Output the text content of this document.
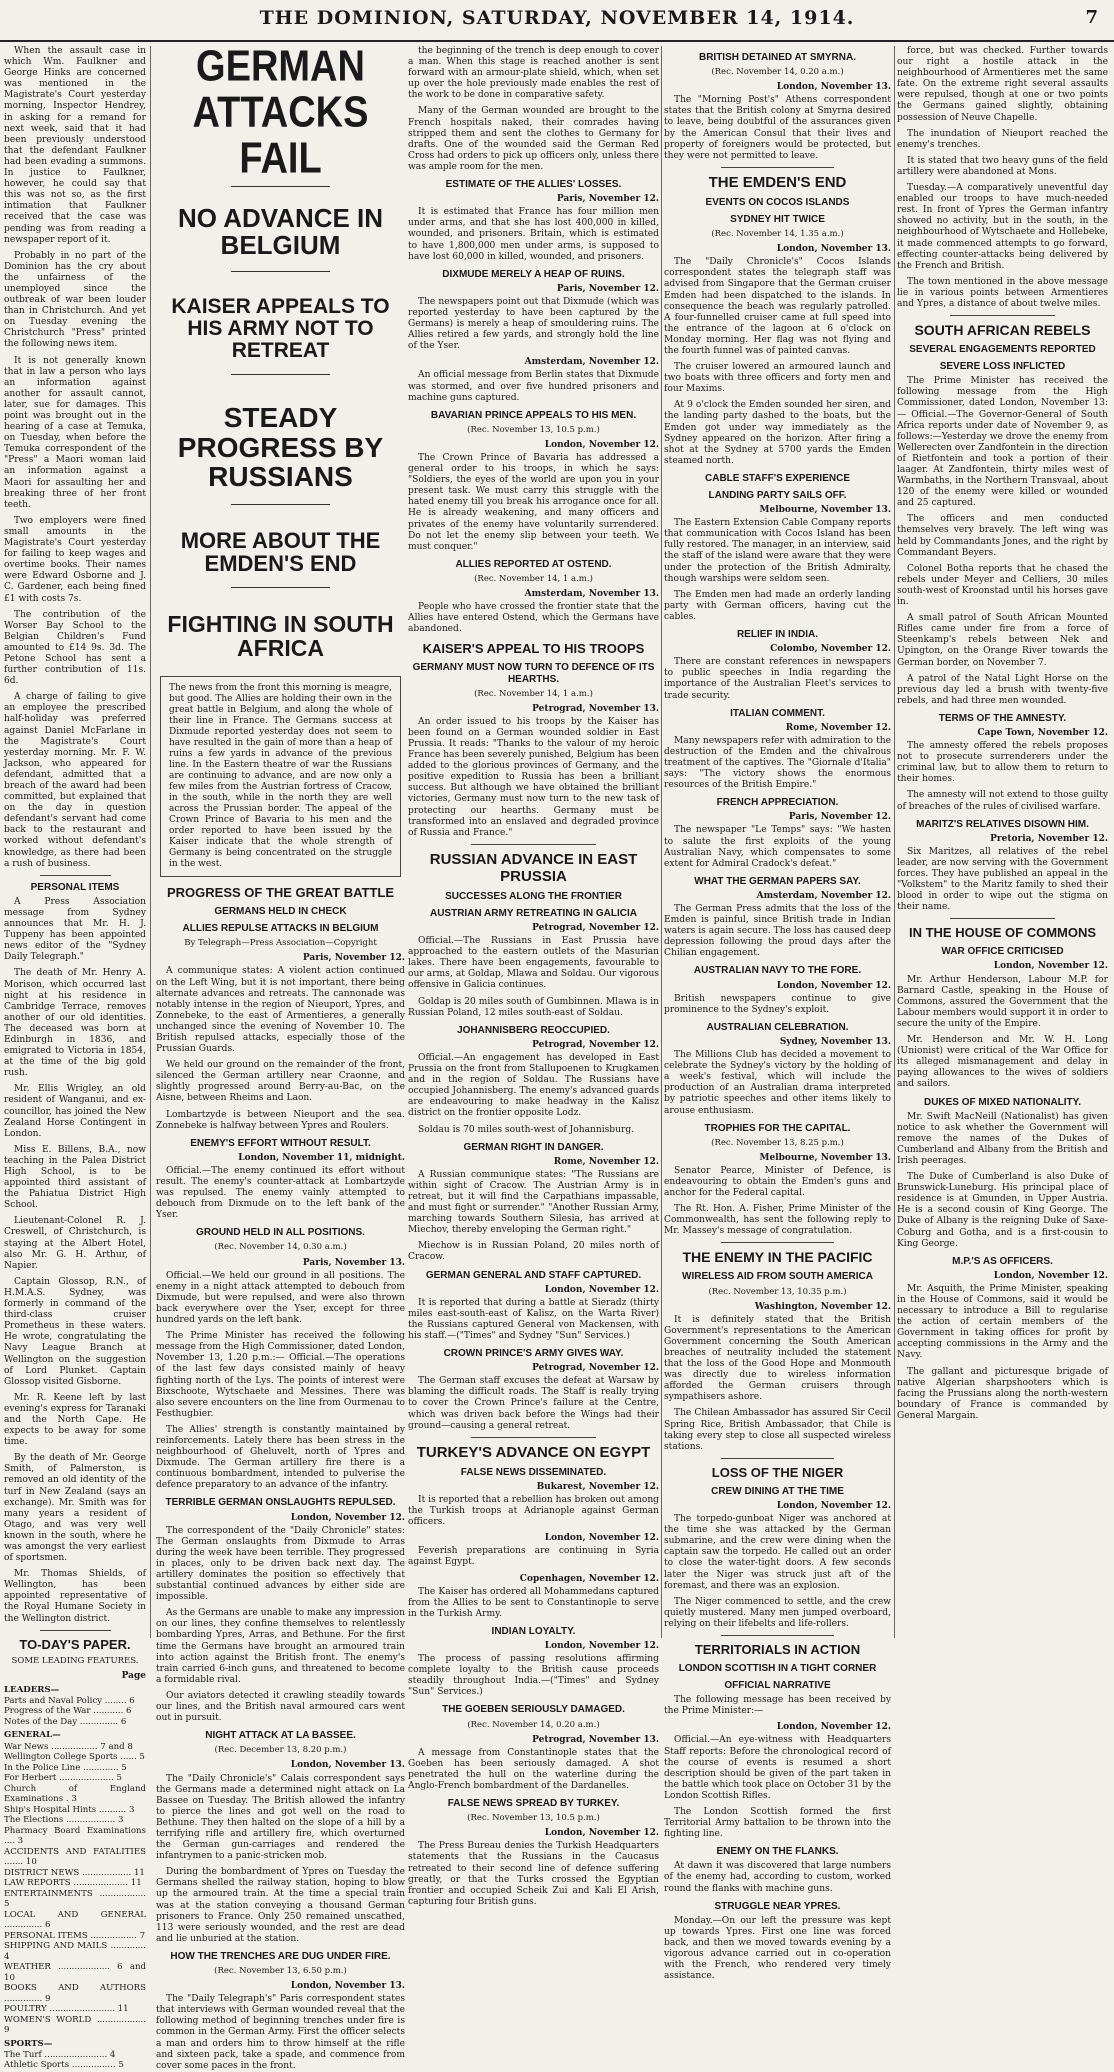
THE DOMINION, SATURDAY, NOVEMBER 14, 1914.	7

When the assault case in which Wm. Faulkner and George Hinks are concerned was mentioned in the Magistrate's Court yesterday morning, Inspector Hendrey, in asking for a remand for next week, said that it had been previously understood that the defendant Faulkner had been evading a summons. In justice to Faulkner, however, he could say that this was not so, as the first intimation that Faulkner received that the case was pending was from reading a newspaper report of it.

Probably in no part of the Dominion has the cry about the unfairness of the unemployed since the outbreak of war been louder than in Christchurch. And yet on Tuesday evening the Christchurch "Press" printed the following news item.

It is not generally known that in law a person who lays an information against another for assault cannot, later, sue for damages. This point was brought out in the hearing of a case at Temuka, on Tuesday, when before the Temuka correspondent of the "Press" a Maori woman laid an information against a Maori for assaulting her and breaking three of her front teeth.

Two employers were fined small amounts in the Magistrate's Court yesterday for failing to keep wages and overtime books. Their names were Edward Osborne and J. C. Gardener, each being fined £1 with costs 7s.

The contribution of the Worser Bay School to the Belgian Children's Fund amounted to £14 9s. 3d. The Petone School has sent a further contribution of 11s. 6d.

A charge of failing to give an employee the prescribed half-holiday was preferred against Daniel McFarlane in the Magistrate's Court yesterday morning. Mr. F. W. Jackson, who appeared for defendant, admitted that a breach of the award had been committed, but explained that on the day in question defendant's servant had come back to the restaurant and worked without defendant's knowledge, as there had been a rush of business.

PERSONAL ITEMS

A Press Association message from Sydney announces that Mr. H. J. Tuppeny has been appointed news editor of the "Sydney Daily Telegraph."

The death of Mr. Henry A. Morison, which occurred last night at his residence in Cambridge Terrace, removes another of our old identities. The deceased was born at Edinburgh in 1836, and emigrated to Victoria in 1854, at the time of the big gold rush.

Mr. Ellis Wrigley, an old resident of Wanganui, and ex-councillor, has joined the New Zealand Horse Contingent in London.

Miss E. Billens, B.A., now teaching in the Palea District High School, is to be appointed third assistant of the Pahiatua District High School.

Lieutenant-Colonel R. J. Creswell, of Christchurch, is staying at the Albert Hotel, also Mr. G. H. Arthur, of Napier.

Captain Glossop, R.N., of H.M.A.S. Sydney, was formerly in command of the third-class cruiser Prometheus in these waters. He wrote, congratulating the Navy League Branch at Wellington on the suggestion of Lord Plunket. Captain Glossop visited Gisborne.

Mr. R. Keene left by last evening's express for Taranaki and the North Cape. He expects to be away for some time.

By the death of Mr. George Smith, of Palmerston, is removed an old identity of the turf in New Zealand (says an exchange). Mr. Smith was for many years a resident of Otago, and was very well known in the south, where he was amongst the very earliest of sportsmen.

Mr. Thomas Shields, of Wellington, has been appointed representative of the Royal Humane Society in the Wellington district.

TO-DAY'S PAPER.
SOME LEADING FEATURES.
Page
LEADERS—
Parts and Naval Policy ........ 6
Progress of the War ........... 6
Notes of the Day .............. 6
GENERAL—
War News ................. 7 and 8
Wellington College Sports ...... 5
In the Police Line ............. 5
For Herbert .................... 5
Church of England Examinations . 3
Ship's Hospital Hints .......... 3
The Elections .................. 3
Pharmacy Board Examinations .... 3
ACCIDENTS AND FATALITIES ....... 10
DISTRICT NEWS .................. 11
LAW REPORTS .................... 11
ENTERTAINMENTS ................. 5
LOCAL AND GENERAL .............. 6
PERSONAL ITEMS ................. 7
SHIPPING AND MAILS ............. 4
WEATHER ................... 6 and 10
BOOKS AND AUTHORS .............. 9
POULTRY ........................ 11
WOMEN'S WORLD .................. 9
SPORTS—
The Turf ....................... 4
Athletic Sports ................ 5
GERMAN ATTACKS FAIL
NO ADVANCE IN BELGIUM
KAISER APPEALS TO HIS ARMY NOT TO RETREAT
STEADY PROGRESS BY RUSSIANS
MORE ABOUT THE EMDEN'S END
FIGHTING IN SOUTH AFRICA
The news from the front this morning is meagre, but good. The Allies are holding their own in the great battle in Belgium, and along the whole of their line in France. The Germans success at Dixmude reported yesterday does not seem to have resulted in the gain of more than a heap of ruins a few yards in advance of the previous line. In the Eastern theatre of war the Russians are continuing to advance, and are now only a few miles from the Austrian fortress of Cracow, in the south, while in the north they are well across the Prussian border. The appeal of the Crown Prince of Bavaria to his men and the order reported to have been issued by the Kaiser indicate that the whole strength of Germany is being concentrated on the struggle in the west.
PROGRESS OF THE GREAT BATTLE
GERMANS HELD IN CHECK
ALLIES REPULSE ATTACKS IN BELGIUM
By Telegraph—Press Association—Copyright
Paris, November 12.

A communique states: A violent action continued on the Left Wing, but it is not important, there being alternate advances and retreats. The cannonade was notably intense in the region of Nieuport, Ypres, and Zonnebeke, to the east of Armentieres, a generally unchanged since the evening of November 10. The British repulsed attacks, especially those of the Prussian Guards.

We held our ground on the remainder of the front, silenced the German artillery near Craonne, and slightly progressed around Berry-au-Bac, on the Aisne, between Rheims and Laon.

Lombartzyde is between Nieuport and the sea. Zonnebeke is halfway between Ypres and Roulers.

ENEMY'S EFFORT WITHOUT RESULT.
London, November 11, midnight.

Official.—The enemy continued its effort without result. The enemy's counter-attack at Lombartzyde was repulsed. The enemy vainly attempted to debouch from Dixmude on to the left bank of the Yser.

GROUND HELD IN ALL POSITIONS.
(Rec. November 14, 0.30 a.m.)
Paris, November 13.

Official.—We held our ground in all positions. The enemy in a night attack attempted to debouch from Dixmude, but were repulsed, and were also thrown back everywhere over the Yser, except for three hundred yards on the left bank.

The Prime Minister has received the following message from the High Commissioner, dated London, November 13, 1.20 p.m.:— Official.—The operations of the last few days consisted mainly of heavy fighting north of the Lys. The points of interest were Bixschoote, Wytschaete and Messines. There was also severe encounters on the line from Ourmenau to Festhugbier.

The Allies' strength is constantly maintained by reinforcements. Lately there has been stress in the neighbourhood of Gheluvelt, north of Ypres and Dixmude. The German artillery fire there is a continuous bombardment, intended to pulverise the defence preparatory to an advance of the infantry.

TERRIBLE GERMAN ONSLAUGHTS REPULSED.
London, November 12.

The correspondent of the "Daily Chronicle" states: The German onslaughts from Dixmude to Arras during the week have been terrible. They progressed in places, only to be driven back next day. The artillery dominates the position so effectively that substantial continued advances by either side are impossible.

As the Germans are unable to make any impression on our lines, they confine themselves to relentlessly bombarding Ypres, Arras, and Bethune. For the first time the Germans have brought an armoured train into action against the British front. The enemy's train carried 6-inch guns, and threatened to become a formidable rival.

Our aviators detected it crawling steadily towards our lines, and the British naval armoured cars went out in pursuit.

NIGHT ATTACK AT LA BASSEE.
(Rec. December 13, 8.20 p.m.)
London, November 13.

The "Daily Chronicle's" Calais correspondent says the Germans made a determined night attack on La Bassee on Tuesday. The British allowed the infantry to pierce the lines and got well on the road to Bethune. They then halted on the slope of a hill by a terrifying rifle and artillery fire, which overturned the German gun-carriages and rendered the infantrymen to a panic-stricken mob.

During the bombardment of Ypres on Tuesday the Germans shelled the railway station, hoping to blow up the armoured train. At the time a special train was at the station conveying a thousand German prisoners to France. Only 250 remained unscathed, 113 were seriously wounded, and the rest are dead and lie unburied at the station.

HOW THE TRENCHES ARE DUG UNDER FIRE.
(Rec. November 13, 6.50 p.m.)
London, November 13.

The "Daily Telegraph's" Paris correspondent states that interviews with German wounded reveal that the following method of beginning trenches under fire is common in the German Army. First the officer selects a man and orders him to throw himself at the rifle and sixteen pack, take a spade, and commence from cover some paces in the front.

the beginning of the trench is deep enough to cover a man. When this stage is reached another is sent forward with an armour-plate shield, which, when set up over the hole previously made enables the rest of the work to be done in comparative safety.

Many of the German wounded are brought to the French hospitals naked, their comrades having stripped them and sent the clothes to Germany for drafts. One of the wounded said the German Red Cross had orders to pick up officers only, unless there was ample room for the men.

ESTIMATE OF THE ALLIES' LOSSES.
Paris, November 12.

It is estimated that France has four million men under arms, and that she has lost 400,000 in killed, wounded, and prisoners. Britain, which is estimated to have 1,800,000 men under arms, is supposed to have lost 60,000 in killed, wounded, and prisoners.

DIXMUDE MERELY A HEAP OF RUINS.
Paris, November 12.

The newspapers point out that Dixmude (which was reported yesterday to have been captured by the Germans) is merely a heap of smouldering ruins. The Allies retired a few yards, and strongly hold the line of the Yser.

Amsterdam, November 12.

An official message from Berlin states that Dixmude was stormed, and over five hundred prisoners and machine guns captured.

BAVARIAN PRINCE APPEALS TO HIS MEN.
(Rec. November 13, 10.5 p.m.)
London, November 12.

The Crown Prince of Bavaria has addressed a general order to his troops, in which he says: "Soldiers, the eyes of the world are upon you in your present task. We must carry this struggle with the hated enemy till you break his arrogance once for all. He is already weakening, and many officers and privates of the enemy have voluntarily surrendered. Do not let the enemy slip between your teeth. We must conquer."

ALLIES REPORTED AT OSTEND.
(Rec. November 14, 1 a.m.)
Amsterdam, November 13.

People who have crossed the frontier state that the Allies have entered Ostend, which the Germans have abandoned.

KAISER'S APPEAL TO HIS TROOPS
GERMANY MUST NOW TURN TO DEFENCE OF ITS HEARTHS.
(Rec. November 14, 1 a.m.)
Petrograd, November 13.

An order issued to his troops by the Kaiser has been found on a German wounded soldier in East Prussia. It reads: "Thanks to the valour of my heroic France has been severely punished, Belgium has been added to the glorious provinces of Germany, and the positive expedition to Russia has been a brilliant success. But although we have obtained the brilliant victories, Germany must now turn to the new task of protecting our hearths. Germany must be transformed into an enslaved and degraded province of Russia and France."

RUSSIAN ADVANCE IN EAST PRUSSIA
SUCCESSES ALONG THE FRONTIER
AUSTRIAN ARMY RETREATING IN GALICIA
Petrograd, November 12.

Official.—The Russians in East Prussia have approached to the eastern outlets of the Masurian lakes. There have been engagements, favourable to our arms, at Goldap, Mlawa and Soldau. Our vigorous offensive in Galicia continues.

Goldap is 20 miles south of Gumbinnen. Mlawa is in Russian Poland, 12 miles south-east of Soldau.

JOHANNISBERG REOCCUPIED.
Petrograd, November 12.

Official.—An engagement has developed in East Prussia on the front from Stallupoenen to Krugkamen and in the region of Soldau. The Russians have occupied Johannisberg. The enemy's advanced guards are endeavouring to make headway in the Kalisz district on the frontier opposite Lodz.

Soldau is 70 miles south-west of Johannisburg.

GERMAN RIGHT IN DANGER.
Rome, November 12.

A Russian communique states: "The Russians are within sight of Cracow. The Austrian Army is in retreat, but it will find the Carpathians impassable, and must fight or surrender." "Another Russian Army, marching towards Southern Silesia, has arrived at Miechov, thereby enveloping the German right."

Miechow is in Russian Poland, 20 miles north of Cracow.

GERMAN GENERAL AND STAFF CAPTURED.
London, November 12.

It is reported that during a battle at Sieradz (thirty miles east-south-east of Kalisz, on the Warta River) the Russians captured General von Mackensen, with his staff.—("Times" and Sydney "Sun" Services.)

CROWN PRINCE'S ARMY GIVES WAY.
Petrograd, November 12.

The German staff excuses the defeat at Warsaw by blaming the difficult roads. The Staff is really trying to cover the Crown Prince's failure at the Centre, which was driven back before the Wings had their ground—causing a general retreat.

TURKEY'S ADVANCE ON EGYPT
FALSE NEWS DISSEMINATED.
Bukarest, November 12.

It is reported that a rebellion has broken out among the Turkish troops at Adrianople against German officers.

London, November 12.

Feverish preparations are continuing in Syria against Egypt.

Copenhagen, November 12.

The Kaiser has ordered all Mohammedans captured from the Allies to be sent to Constantinople to serve in the Turkish Army.

INDIAN LOYALTY.
London, November 12.

The process of passing resolutions affirming complete loyalty to the British cause proceeds steadily throughout India.—("Times" and Sydney "Sun" Services.)

THE GOEBEN SERIOUSLY DAMAGED.
(Rec. November 14, 0.20 a.m.)
Petrograd, November 13.

A message from Constantinople states that the Goeben has been seriously damaged. A shot penetrated the hull on the waterline during the Anglo-French bombardment of the Dardanelles.

FALSE NEWS SPREAD BY TURKEY.
(Rec. November 13, 10.5 p.m.)
London, November 12.

The Press Bureau denies the Turkish Headquarters statements that the Russians in the Caucasus retreated to their second line of defence suffering greatly, or that the Turks crossed the Egyptian frontier and occupied Scheik Zui and Kali El Arish, capturing four British guns.

BRITISH DETAINED AT SMYRNA.
(Rec. November 14, 0.20 a.m.)
London, November 13.

The "Morning Post's" Athens correspondent states that the British colony at Smyrna desired to leave, being doubtful of the assurances given by the American Consul that their lives and property of foreigners would be protected, but they were not permitted to leave.

THE EMDEN'S END
EVENTS ON COCOS ISLANDS
SYDNEY HIT TWICE
(Rec. November 14, 1.35 a.m.)
London, November 13.

The "Daily Chronicle's" Cocos Islands correspondent states the telegraph staff was advised from Singapore that the German cruiser Emden had been dispatched to the islands. In consequence the beach was regularly patrolled. A four-funnelled cruiser came at full speed into the entrance of the lagoon at 6 o'clock on Monday morning. Her flag was not flying and the fourth funnel was of painted canvas.

The cruiser lowered an armoured launch and two boats with three officers and forty men and four Maxims.

At 9 o'clock the Emden sounded her siren, and the landing party dashed to the boats, but the Emden got under way immediately as the Sydney appeared on the horizon. After firing a shot at the Sydney at 5700 yards the Emden steamed north.

CABLE STAFF'S EXPERIENCE
LANDING PARTY SAILS OFF.
Melbourne, November 13.

The Eastern Extension Cable Company reports that communication with Cocos Island has been fully restored. The manager, in an interview, said the staff of the island were aware that they were under the protection of the British Admiralty, though warships were seldom seen.

The Emden men had made an orderly landing party with German officers, having cut the cables.

RELIEF IN INDIA.
Colombo, November 12.

There are constant references in newspapers to public speeches in India regarding the importance of the Australian Fleet's services to trade security.

ITALIAN COMMENT.
Rome, November 12.

Many newspapers refer with admiration to the destruction of the Emden and the chivalrous treatment of the captives. The "Giornale d'Italia" says: "The victory shows the enormous resources of the British Empire."

FRENCH APPRECIATION.
Paris, November 12.

The newspaper "Le Temps" says: "We hasten to salute the first exploits of the young Australian Navy, which compensates to some extent for Admiral Cradock's defeat."

WHAT THE GERMAN PAPERS SAY.
Amsterdam, November 12.

The German Press admits that the loss of the Emden is painful, since British trade in Indian waters is again secure. The loss has caused deep depression following the proud days after the Chilian engagement.

AUSTRALIAN NAVY TO THE FORE.
London, November 12.

British newspapers continue to give prominence to the Sydney's exploit.

AUSTRALIAN CELEBRATION.
Sydney, November 13.

The Millions Club has decided a movement to celebrate the Sydney's victory by the holding of a week's festival, which will include the production of an Australian drama interpreted by patriotic speeches and other items likely to arouse enthusiasm.

TROPHIES FOR THE CAPITAL.
(Rec. November 13, 8.25 p.m.)
Melbourne, November 13.

Senator Pearce, Minister of Defence, is endeavouring to obtain the Emden's guns and anchor for the Federal capital.

The Rt. Hon. A. Fisher, Prime Minister of the Commonwealth, has sent the following reply to Mr. Massey's message of congratulation.

THE ENEMY IN THE PACIFIC
WIRELESS AID FROM SOUTH AMERICA
(Rec. November 13, 10.35 p.m.)
Washington, November 12.

It is definitely stated that the British Government's representations to the American Government concerning the South American breaches of neutrality included the statement that the loss of the Good Hope and Monmouth was directly due to wireless information afforded the German cruisers through sympathisers ashore.

The Chilean Ambassador has assured Sir Cecil Spring Rice, British Ambassador, that Chile is taking every step to close all suspected wireless stations.

LOSS OF THE NIGER
CREW DINING AT THE TIME
London, November 12.

The torpedo-gunboat Niger was anchored at the time she was attacked by the German submarine, and the crew were dining when the captain saw the torpedo. He called out an order to close the water-tight doors. A few seconds later the Niger was struck just aft of the foremast, and there was an explosion.

The Niger commenced to settle, and the crew quietly mustered. Many men jumped overboard, relying on their lifebelts and life-rollers.

TERRITORIALS IN ACTION
LONDON SCOTTISH IN A TIGHT CORNER
OFFICIAL NARRATIVE

The following message has been received by the Prime Minister:—

London, November 12.

Official.—An eye-witness with Headquarters Staff reports: Before the chronological record of the course of events is resumed a short description should be given of the part taken in the battle which took place on October 31 by the London Scottish Rifles.

The London Scottish formed the first Territorial Army battalion to be thrown into the fighting line.

ENEMY ON THE FLANKS.

At dawn it was discovered that large numbers of the enemy had, according to custom, worked round the flanks with machine guns.

STRUGGLE NEAR YPRES.

Monday.—On our left the pressure was kept up towards Ypres. First one line was forced back, and then we moved towards evening by a vigorous advance carried out in co-operation with the French, who rendered very timely assistance.

force, but was checked. Further towards our right a hostile attack in the neighbourhood of Armentieres met the same fate. On the extreme right several assaults were repulsed, though at one or two points the Germans gained slightly, obtaining possession of Neuve Chapelle.

The inundation of Nieuport reached the enemy's trenches.

It is stated that two heavy guns of the field artillery were abandoned at Mons.

Tuesday.—A comparatively uneventful day enabled our troops to have much-needed rest. In front of Ypres the German infantry showed no activity, but in the south, in the neighbourhood of Wytschaete and Hollebeke, it made commenced attempts to go forward, effecting counter-attacks being delivered by the French and British.

The town mentioned in the above message lie in various points between Armentieres and Ypres, a distance of about twelve miles.

SOUTH AFRICAN REBELS
SEVERAL ENGAGEMENTS REPORTED
SEVERE LOSS INFLICTED

The Prime Minister has received the following message from the High Commissioner, dated London, November 13:— Official.—The Governor-General of South Africa reports under date of November 9, as follows:—Yesterday we drove the enemy from Wellerecten over Zandfontein in the direction of Rietfontein and took a portion of their laager. At Zandfontein, thirty miles west of Warmbaths, in the Northern Transvaal, about 120 of the enemy were killed or wounded and 25 captured.

The officers and men conducted themselves very bravely. The left wing was held by Commandants Jones, and the right by Commandant Beyers.

Colonel Botha reports that he chased the rebels under Meyer and Celliers, 30 miles south-west of Kroonstad until his horses gave in.

A small patrol of South African Mounted Rifles came under fire from a force of Steenkamp's rebels between Nek and Upington, on the Orange River towards the German border, on November 7.

A patrol of the Natal Light Horse on the previous day led a brush with twenty-five rebels, and had three men wounded.

TERMS OF THE AMNESTY.
Cape Town, November 12.

The amnesty offered the rebels proposes not to prosecute surrenderers under the criminal law, but to allow them to return to their homes.

The amnesty will not extend to those guilty of breaches of the rules of civilised warfare.

MARITZ'S RELATIVES DISOWN HIM.
Pretoria, November 12.

Six Maritzes, all relatives of the rebel leader, are now serving with the Government forces. They have published an appeal in the "Volkstem" to the Maritz family to shed their blood in order to wipe out the stigma on their name.

IN THE HOUSE OF COMMONS
WAR OFFICE CRITICISED
London, November 12.

Mr. Arthur Henderson, Labour M.P. for Barnard Castle, speaking in the House of Commons, assured the Government that the Labour members would support it in order to secure the unity of the Empire.

Mr. Henderson and Mr. W. H. Long (Unionist) were critical of the War Office for its alleged mismanagement and delay in paying allowances to the wives of soldiers and sailors.

DUKES OF MIXED NATIONALITY.

Mr. Swift MacNeill (Nationalist) has given notice to ask whether the Government will remove the names of the Dukes of Cumberland and Albany from the British and Irish peerages.

The Duke of Cumberland is also Duke of Brunswick-Luneburg. His principal place of residence is at Gmunden, in Upper Austria. He is a second cousin of King George. The Duke of Albany is the reigning Duke of Saxe-Coburg and Gotha, and is a first-cousin to King George.

M.P.'S AS OFFICERS.
London, November 12.

Mr. Asquith, the Prime Minister, speaking in the House of Commons, said it would be necessary to introduce a Bill to regularise the action of certain members of the Government in taking offices for profit by accepting commissions in the Army and the Navy.

The gallant and picturesque brigade of native Algerian sharpshooters which is facing the Prussians along the north-western boundary of France is commanded by General Margain.
